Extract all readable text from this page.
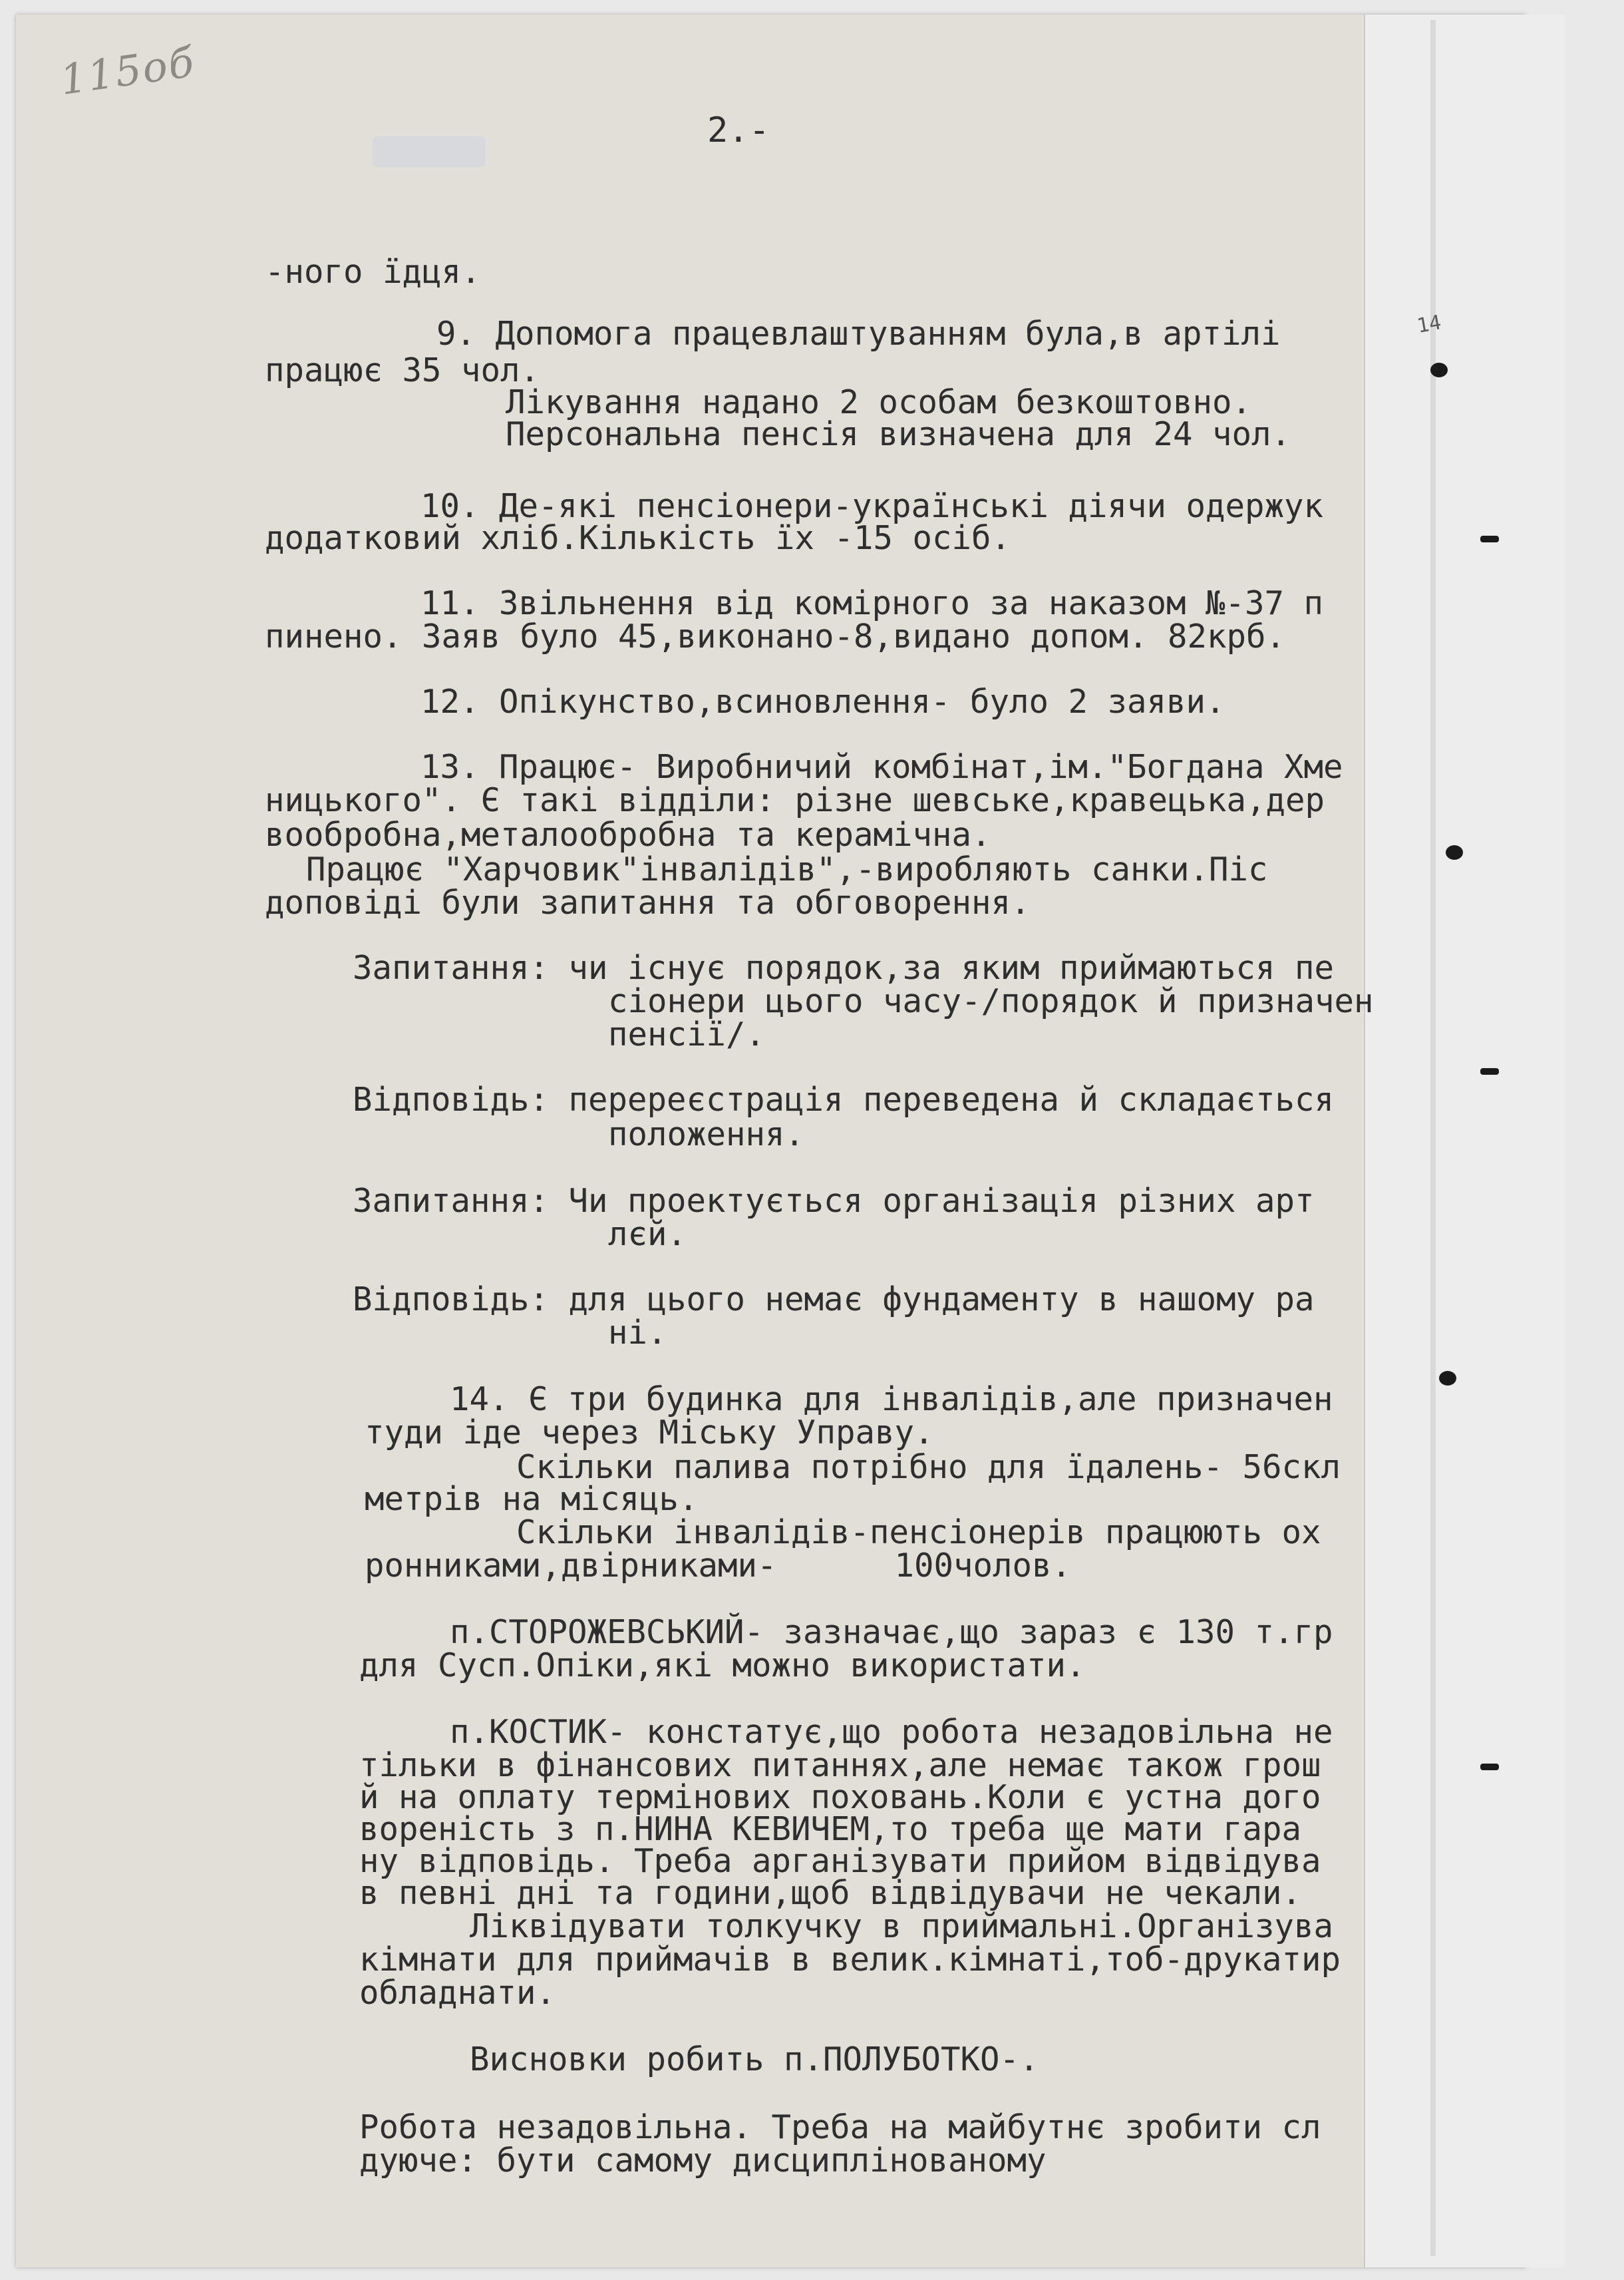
115об
14
2.-
-ного їдця.
9. Допомога працевлаштуванням була,в артілі
працює 35 чол.
Лікування надано 2 особам безкоштовно.
Персональна пенсія визначена для 24 чол.
10. Де-які пенсіонери-українські діячи одержук
додатковий хліб.Кількість їх -15 осіб.
11. Звільнення від комірного за наказом №-37 п
пинено. Заяв було 45,виконано-8,видано допом. 82крб.
12. Опікунство,всиновлення- було 2 заяви.
13. Працює- Виробничий комбінат,ім."Богдана Хме
ницького". Є такі відділи: різне шевське,кравецька,дер
вообробна,металообробна та керамічна.
Працює "Харчовик"інвалідів",-виробляють санки.Піс
доповіді були запитання та обговорення.
Запитання: чи існує порядок,за яким приймаються пе
сіонери цього часу-/порядок й призначен
пенсії/.
Відповідь: перереєстрація переведена й складається
положення.
Запитання: Чи проектується організація різних арт
лєй.
Відповідь: для цього немає фундаменту в нашому ра
ні.
14. Є три будинка для інвалідів,але призначен
туди іде через Міську Управу.
Скільки палива потрібно для їдалень- 56скл
метрів на місяць.
Скільки інвалідів-пенсіонерів працюють ох
ронниками,двірниками-      100чолов.
п.СТОРОЖЕВСЬКИЙ- зазначає,що зараз є 130 т.гр
для Сусп.Опіки,які можно використати.
п.КОСТИК- констатує,що робота незадовільна не
тільки в фінансових питаннях,але немає також грош
й на оплату термінових поховань.Коли є устна дого
вореність з п.НИНА КЕВИЧЕМ,то треба ще мати гара
ну відповідь. Треба арганізувати прийом відвідува
в певні дні та години,щоб відвідувачи не чекали.
Ліквідувати толкучку в приймальні.Організува
кімнати для приймачів в велик.кімнаті,тоб-друкатир
обладнати.
Висновки робить п.ПОЛУБОТКО-.
Робота незадовільна. Треба на майбутнє зробити сл
дуюче: бути самому дисциплінованому
